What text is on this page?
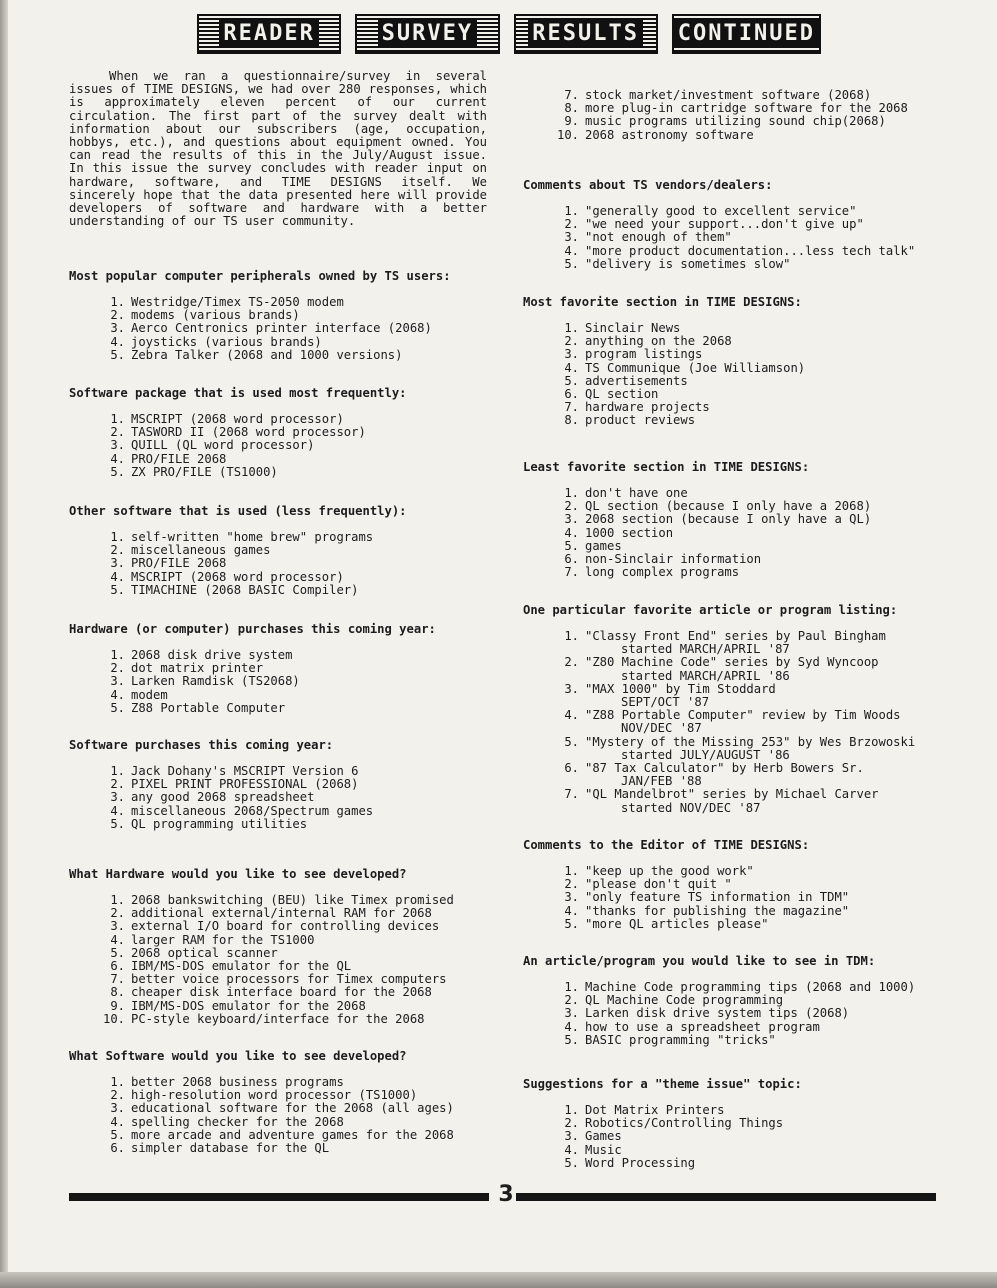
READER	SURVEY	RESULTS CONTINUED

When we ran a questionnaire/survey in several issues of TIME DESIGNS, we had over 280 responses, which is approximately eleven percent of our current circulation. The first part of the survey dealt with information about our subscribers (age, occupation, hobbys, etc.), and questions about equipment owned. You can read the results of this in the July/August issue. In this issue the survey concludes with reader input on hardware, software, and TIME DESIGNS itself. We sincerely hope that the data presented here will provide developers of software and hardware with a better understanding of our TS user community.

Most popular computer peripherals owned by TS users:
1. Westridge/Timex TS-2050 modem
2. modems (various brands)
3. Aerco Centronics printer interface (2068)
4. joysticks (various brands)
5. Zebra Talker (2068 and 1000 versions)
Software package that is used most frequently:
1. MSCRIPT (2068 word processor)
2. TASWORD II (2068 word processor)
3. QUILL (QL word processor)
4. PRO/FILE 2068
5. ZX PRO/FILE (TS1000)
Other software that is used (less frequently):
1. self-written "home brew" programs
2. miscellaneous games
3. PRO/FILE 2068
4. MSCRIPT (2068 word processor)
5. TIMACHINE (2068 BASIC Compiler)
Hardware (or computer) purchases this coming year:
1. 2068 disk drive system
2. dot matrix printer
3. Larken Ramdisk (TS2068)
4. modem
5. Z88 Portable Computer
Software purchases this coming year:
1. Jack Dohany's MSCRIPT Version 6
2. PIXEL PRINT PROFESSIONAL (2068)
3. any good 2068 spreadsheet
4. miscellaneous 2068/Spectrum games
5. QL programming utilities
What Hardware would you like to see developed?
1. 2068 bankswitching (BEU) like Timex promised
2. additional external/internal RAM for 2068
3. external I/O board for controlling devices
4. larger RAM for the TS1000
5. 2068 optical scanner
6. IBM/MS-DOS emulator for the QL
7. better voice processors for Timex computers
8. cheaper disk interface board for the 2068
9. IBM/MS-DOS emulator for the 2068
10. PC-style keyboard/interface for the 2068
What Software would you like to see developed?
1. better 2068 business programs
2. high-resolution word processor (TS1000)
3. educational software for the 2068 (all ages)
4. spelling checker for the 2068
5. more arcade and adventure games for the 2068
6. simpler database for the QL
7. stock market/investment software (2068)
8. more plug-in cartridge software for the 2068
9. music programs utilizing sound chip(2068)
10. 2068 astronomy software
Comments about TS vendors/dealers:
1. "generally good to excellent service"
2. "we need your support...don't give up"
3. "not enough of them"
4. "more product documentation...less tech talk"
5. "delivery is sometimes slow"
Most favorite section in TIME DESIGNS:
1. Sinclair News
2. anything on the 2068
3. program listings
4. TS Communique (Joe Williamson)
5. advertisements
6. QL section
7. hardware projects
8. product reviews
Least favorite section in TIME DESIGNS:
1. don't have one
2. QL section (because I only have a 2068)
3. 2068 section (because I only have a QL)
4. 1000 section
5. games
6. non-Sinclair information
7. long complex programs
One particular favorite article or program listing:
1. "Classy Front End" series by Paul Bingham
started MARCH/APRIL '87
2. "Z80 Machine Code" series by Syd Wyncoop
started MARCH/APRIL '86
3. "MAX 1000" by Tim Stoddard
SEPT/OCT '87
4. "Z88 Portable Computer" review by Tim Woods
NOV/DEC '87
5. "Mystery of the Missing 253" by Wes Brzowoski
started JULY/AUGUST '86
6. "87 Tax Calculator" by Herb Bowers Sr.
JAN/FEB '88
7. "QL Mandelbrot" series by Michael Carver
started NOV/DEC '87
Comments to the Editor of TIME DESIGNS:
1. "keep up the good work"
2. "please don't quit "
3. "only feature TS information in TDM"
4. "thanks for publishing the magazine"
5. "more QL articles please"
An article/program you would like to see in TDM:
1. Machine Code programming tips (2068 and 1000)
2. QL Machine Code programming
3. Larken disk drive system tips (2068)
4. how to use a spreadsheet program
5. BASIC programming "tricks"
Suggestions for a "theme issue" topic:
1. Dot Matrix Printers
2. Robotics/Controlling Things
3. Games
4. Music
5. Word Processing
3
